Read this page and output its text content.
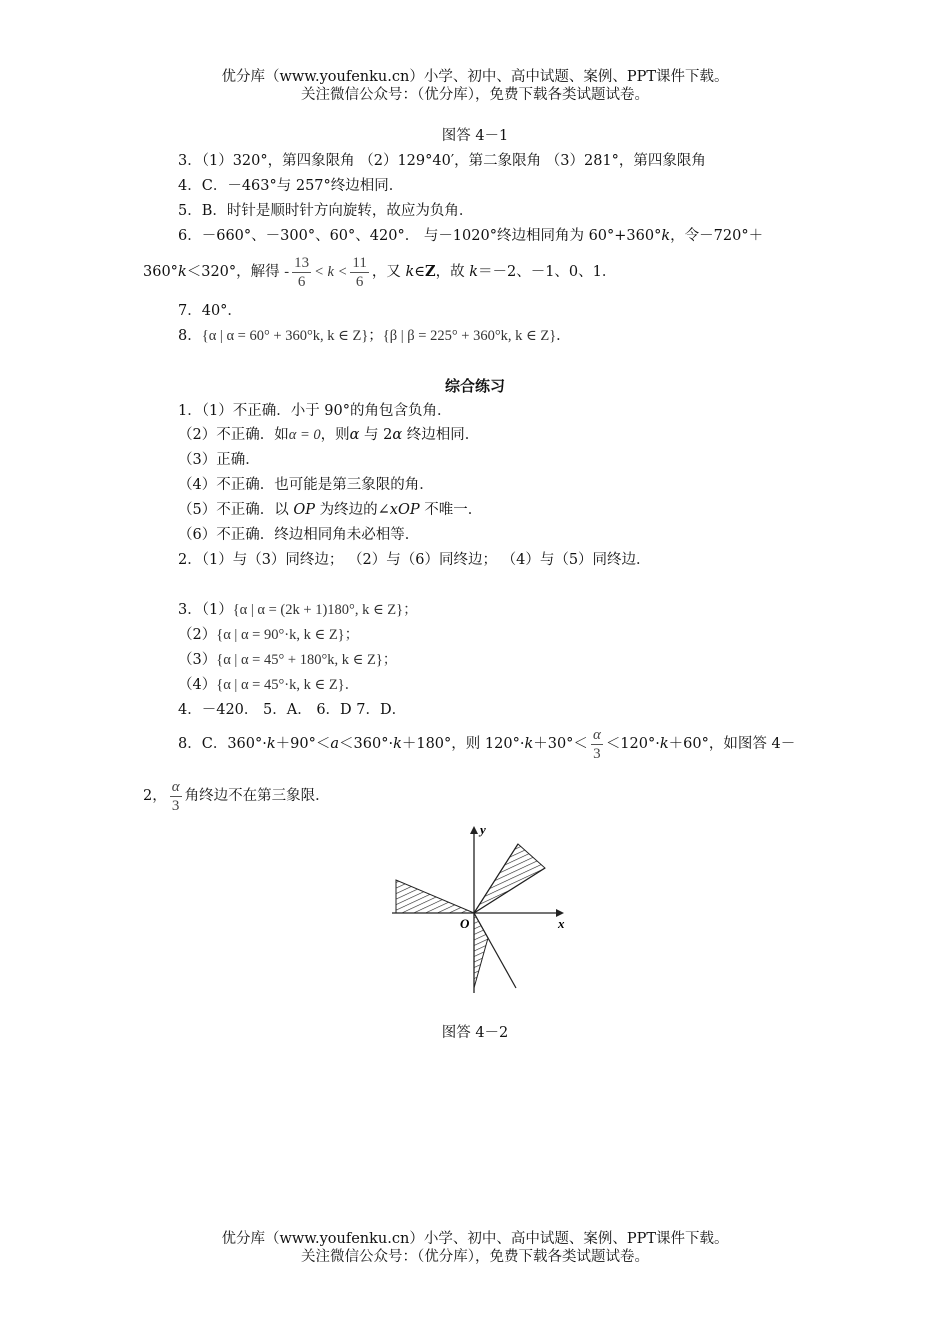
优分库（www.youfenku.cn）小学、初中、高中试题、案例、PPT课件下载。
关注微信公众号：（优分库），免费下载各类试题试卷。
图答 4－1
3．（1）320°，第四象限角 （2）129°40′，第二象限角 （3）281°，第四象限角
4．C．－463°与 257°终边相同．
5．B．时针是顺时针方向旋转，故应为负角．
6．－660°、－300°、60°、420°． 与－1020°终边相同角为 60°+360°k，令－720°＋
360°k＜320°，解得 - $\frac{13}{6} < k < \frac{11}{6}$ ，又 k∈Z，故 k＝－2、－1、0、1．
7．40°．
8．{α | α = 60° + 360°k, k ∈ Z}；{β | β = 225° + 360°k, k ∈ Z}．
综合练习
1．（1）不正确．小于 90°的角包含负角．
（2）不正确．如α = 0，则α 与 2α 终边相同．
（3）正确．
（4）不正确．也可能是第三象限的角．
（5）不正确．以 OP 为终边的∠xOP 不唯一．
（6）不正确．终边相同角未必相等．
2．（1）与（3）同终边； （2）与（6）同终边； （4）与（5）同终边．
3．（1）{α | α = (2k + 1)180°, k ∈ Z}；
（2）{α | α = 90°·k, k ∈ Z}；
（3）{α | α = 45° + 180°k, k ∈ Z}；
（4）{α | α = 45°·k, k ∈ Z}．
4．－420． 5．A． 6．D 7．D．
8．C．360°·k＋90°＜a＜360°·k＋180°，则 $120^\circ\cdot k+30^\circ< \frac{\alpha}{3} <120^\circ\cdot k+60^\circ$，如图答 4－
2， $\frac{\alpha}{3}$ 角终边不在第三象限．
y
x
O
图答 4－2
优分库（www.youfenku.cn）小学、初中、高中试题、案例、PPT课件下载。
关注微信公众号：（优分库），免费下载各类试题试卷。
